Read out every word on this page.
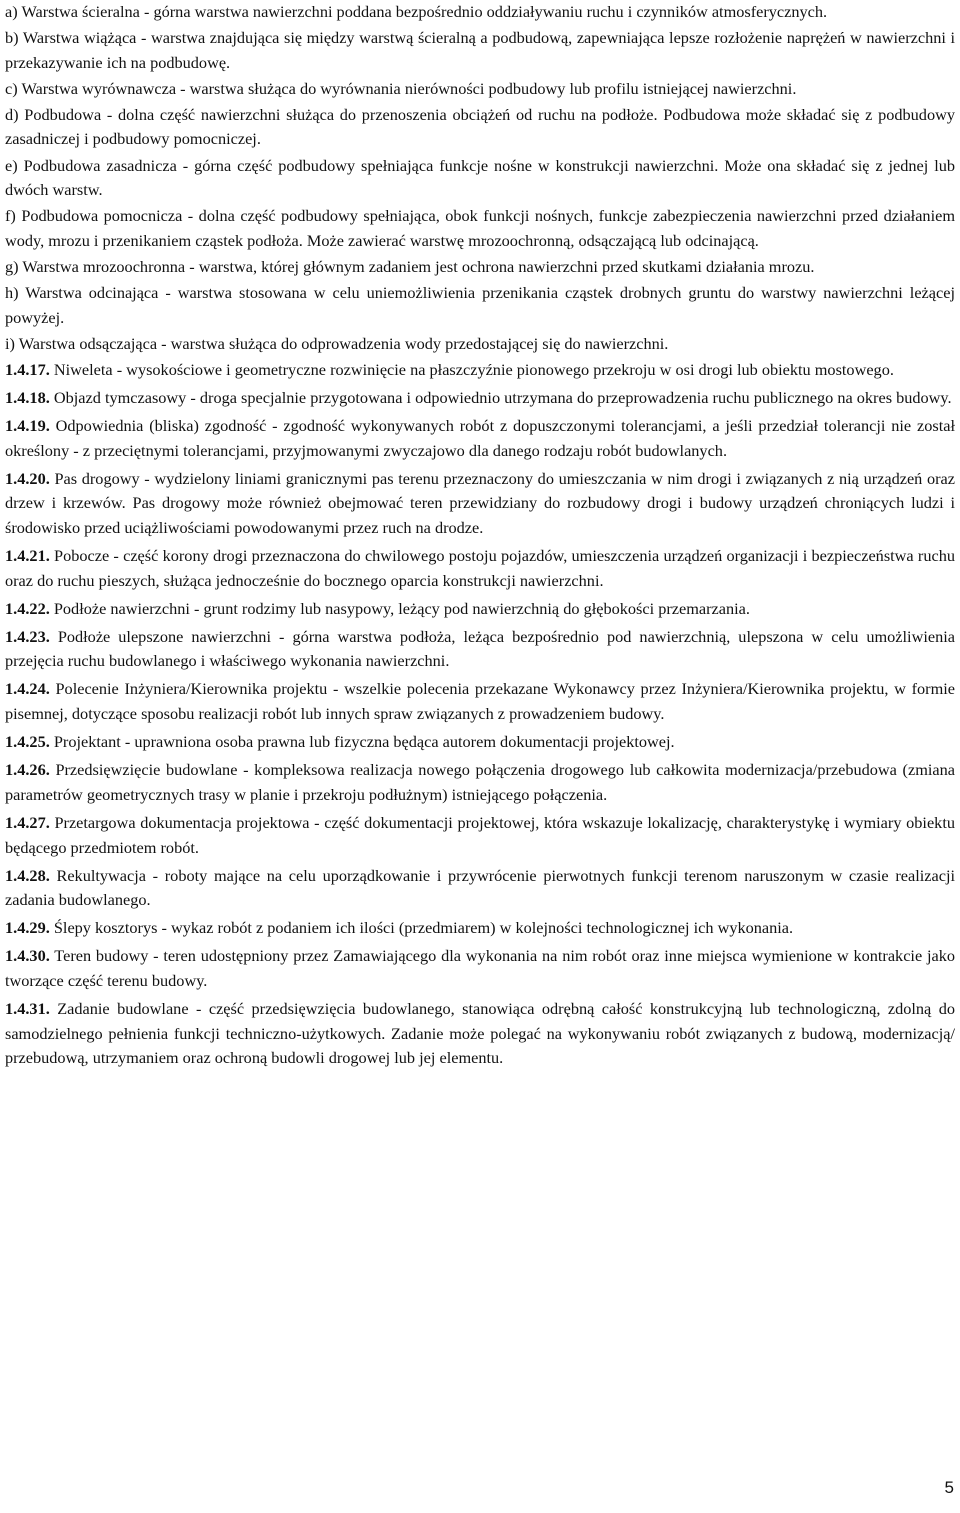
a) Warstwa ścieralna - górna warstwa nawierzchni poddana bezpośrednio oddziaływaniu ruchu i czynników atmosferycznych.

b) Warstwa wiążąca - warstwa znajdująca się między warstwą ścieralną a podbudową, zapewniająca lepsze rozłożenie naprężeń w nawierzchni i przekazywanie ich na podbudowę.

c) Warstwa wyrównawcza - warstwa służąca do wyrównania nierówności podbudowy lub profilu istniejącej nawierzchni.

d) Podbudowa - dolna część nawierzchni służąca do przenoszenia obciążeń od ruchu na podłoże. Podbudowa może składać się z podbudowy zasadniczej i podbudowy pomocniczej.

e) Podbudowa zasadnicza - górna część podbudowy spełniająca funkcje nośne w konstrukcji nawierzchni. Może ona składać się z jednej lub dwóch warstw.

f) Podbudowa pomocnicza - dolna część podbudowy spełniająca, obok funkcji nośnych, funkcje zabezpieczenia nawierzchni przed działaniem wody, mrozu i przenikaniem cząstek podłoża. Może zawierać warstwę mrozoochronną, odsączającą lub odcinającą.

g) Warstwa mrozoochronna - warstwa, której głównym zadaniem jest ochrona nawierzchni przed skutkami działania mrozu.

h) Warstwa odcinająca - warstwa stosowana w celu uniemożliwienia przenikania cząstek drobnych gruntu do warstwy nawierzchni leżącej powyżej.

i) Warstwa odsączająca - warstwa służąca do odprowadzenia wody przedostającej się do nawierzchni.

1.4.17. Niweleta - wysokościowe i geometryczne rozwinięcie na płaszczyźnie pionowego przekroju w osi drogi lub obiektu mostowego.

1.4.18. Objazd tymczasowy - droga specjalnie przygotowana i odpowiednio utrzymana do przeprowadzenia ruchu publicznego na okres budowy.

1.4.19. Odpowiednia (bliska) zgodność - zgodność wykonywanych robót z dopuszczonymi tolerancjami, a jeśli przedział tolerancji nie został określony - z przeciętnymi tolerancjami, przyjmowanymi zwyczajowo dla danego rodzaju robót budowlanych.

1.4.20. Pas drogowy - wydzielony liniami granicznymi pas terenu przeznaczony do umieszczania w nim drogi i związanych z nią urządzeń oraz drzew i krzewów. Pas drogowy może również obejmować teren przewidziany do rozbudowy drogi i budowy urządzeń chroniących ludzi i środowisko przed uciążliwościami powodowanymi przez ruch na drodze.

1.4.21. Pobocze - część korony drogi przeznaczona do chwilowego postoju pojazdów, umieszczenia urządzeń organizacji i bezpieczeństwa ruchu oraz do ruchu pieszych, służąca jednocześnie do bocznego oparcia konstrukcji nawierzchni.

1.4.22. Podłoże nawierzchni - grunt rodzimy lub nasypowy, leżący pod nawierzchnią do głębokości przemarzania.

1.4.23. Podłoże ulepszone nawierzchni - górna warstwa podłoża, leżąca bezpośrednio pod nawierzchnią, ulepszona w celu umożliwienia przejęcia ruchu budowlanego i właściwego wykonania nawierzchni.

1.4.24. Polecenie Inżyniera/Kierownika projektu - wszelkie polecenia przekazane Wykonawcy przez Inżyniera/Kierownika projektu, w formie pisemnej, dotyczące sposobu realizacji robót lub innych spraw związanych z prowadzeniem budowy.

1.4.25. Projektant - uprawniona osoba prawna lub fizyczna będąca autorem dokumentacji projektowej.

1.4.26. Przedsięwzięcie budowlane - kompleksowa realizacja nowego połączenia drogowego lub całkowita modernizacja/przebudowa (zmiana parametrów geometrycznych trasy w planie i przekroju podłużnym) istniejącego połączenia.

1.4.27. Przetargowa dokumentacja projektowa - część dokumentacji projektowej, która wskazuje lokalizację, charakterystykę i wymiary obiektu będącego przedmiotem robót.

1.4.28. Rekultywacja - roboty mające na celu uporządkowanie i przywrócenie pierwotnych funkcji terenom naruszonym w czasie realizacji zadania budowlanego.

1.4.29. Ślepy kosztorys - wykaz robót z podaniem ich ilości (przedmiarem) w kolejności technologicznej ich wykonania.

1.4.30. Teren budowy - teren udostępniony przez Zamawiającego dla wykonania na nim robót oraz inne miejsca wymienione w kontrakcie jako tworzące część terenu budowy.

1.4.31. Zadanie budowlane - część przedsięwzięcia budowlanego, stanowiąca odrębną całość konstrukcyjną lub technologiczną, zdolną do samodzielnego pełnienia funkcji techniczno-użytkowych. Zadanie może polegać na wykonywaniu robót związanych z budową, modernizacją/ przebudową, utrzymaniem oraz ochroną budowli drogowej lub jej elementu.

5
